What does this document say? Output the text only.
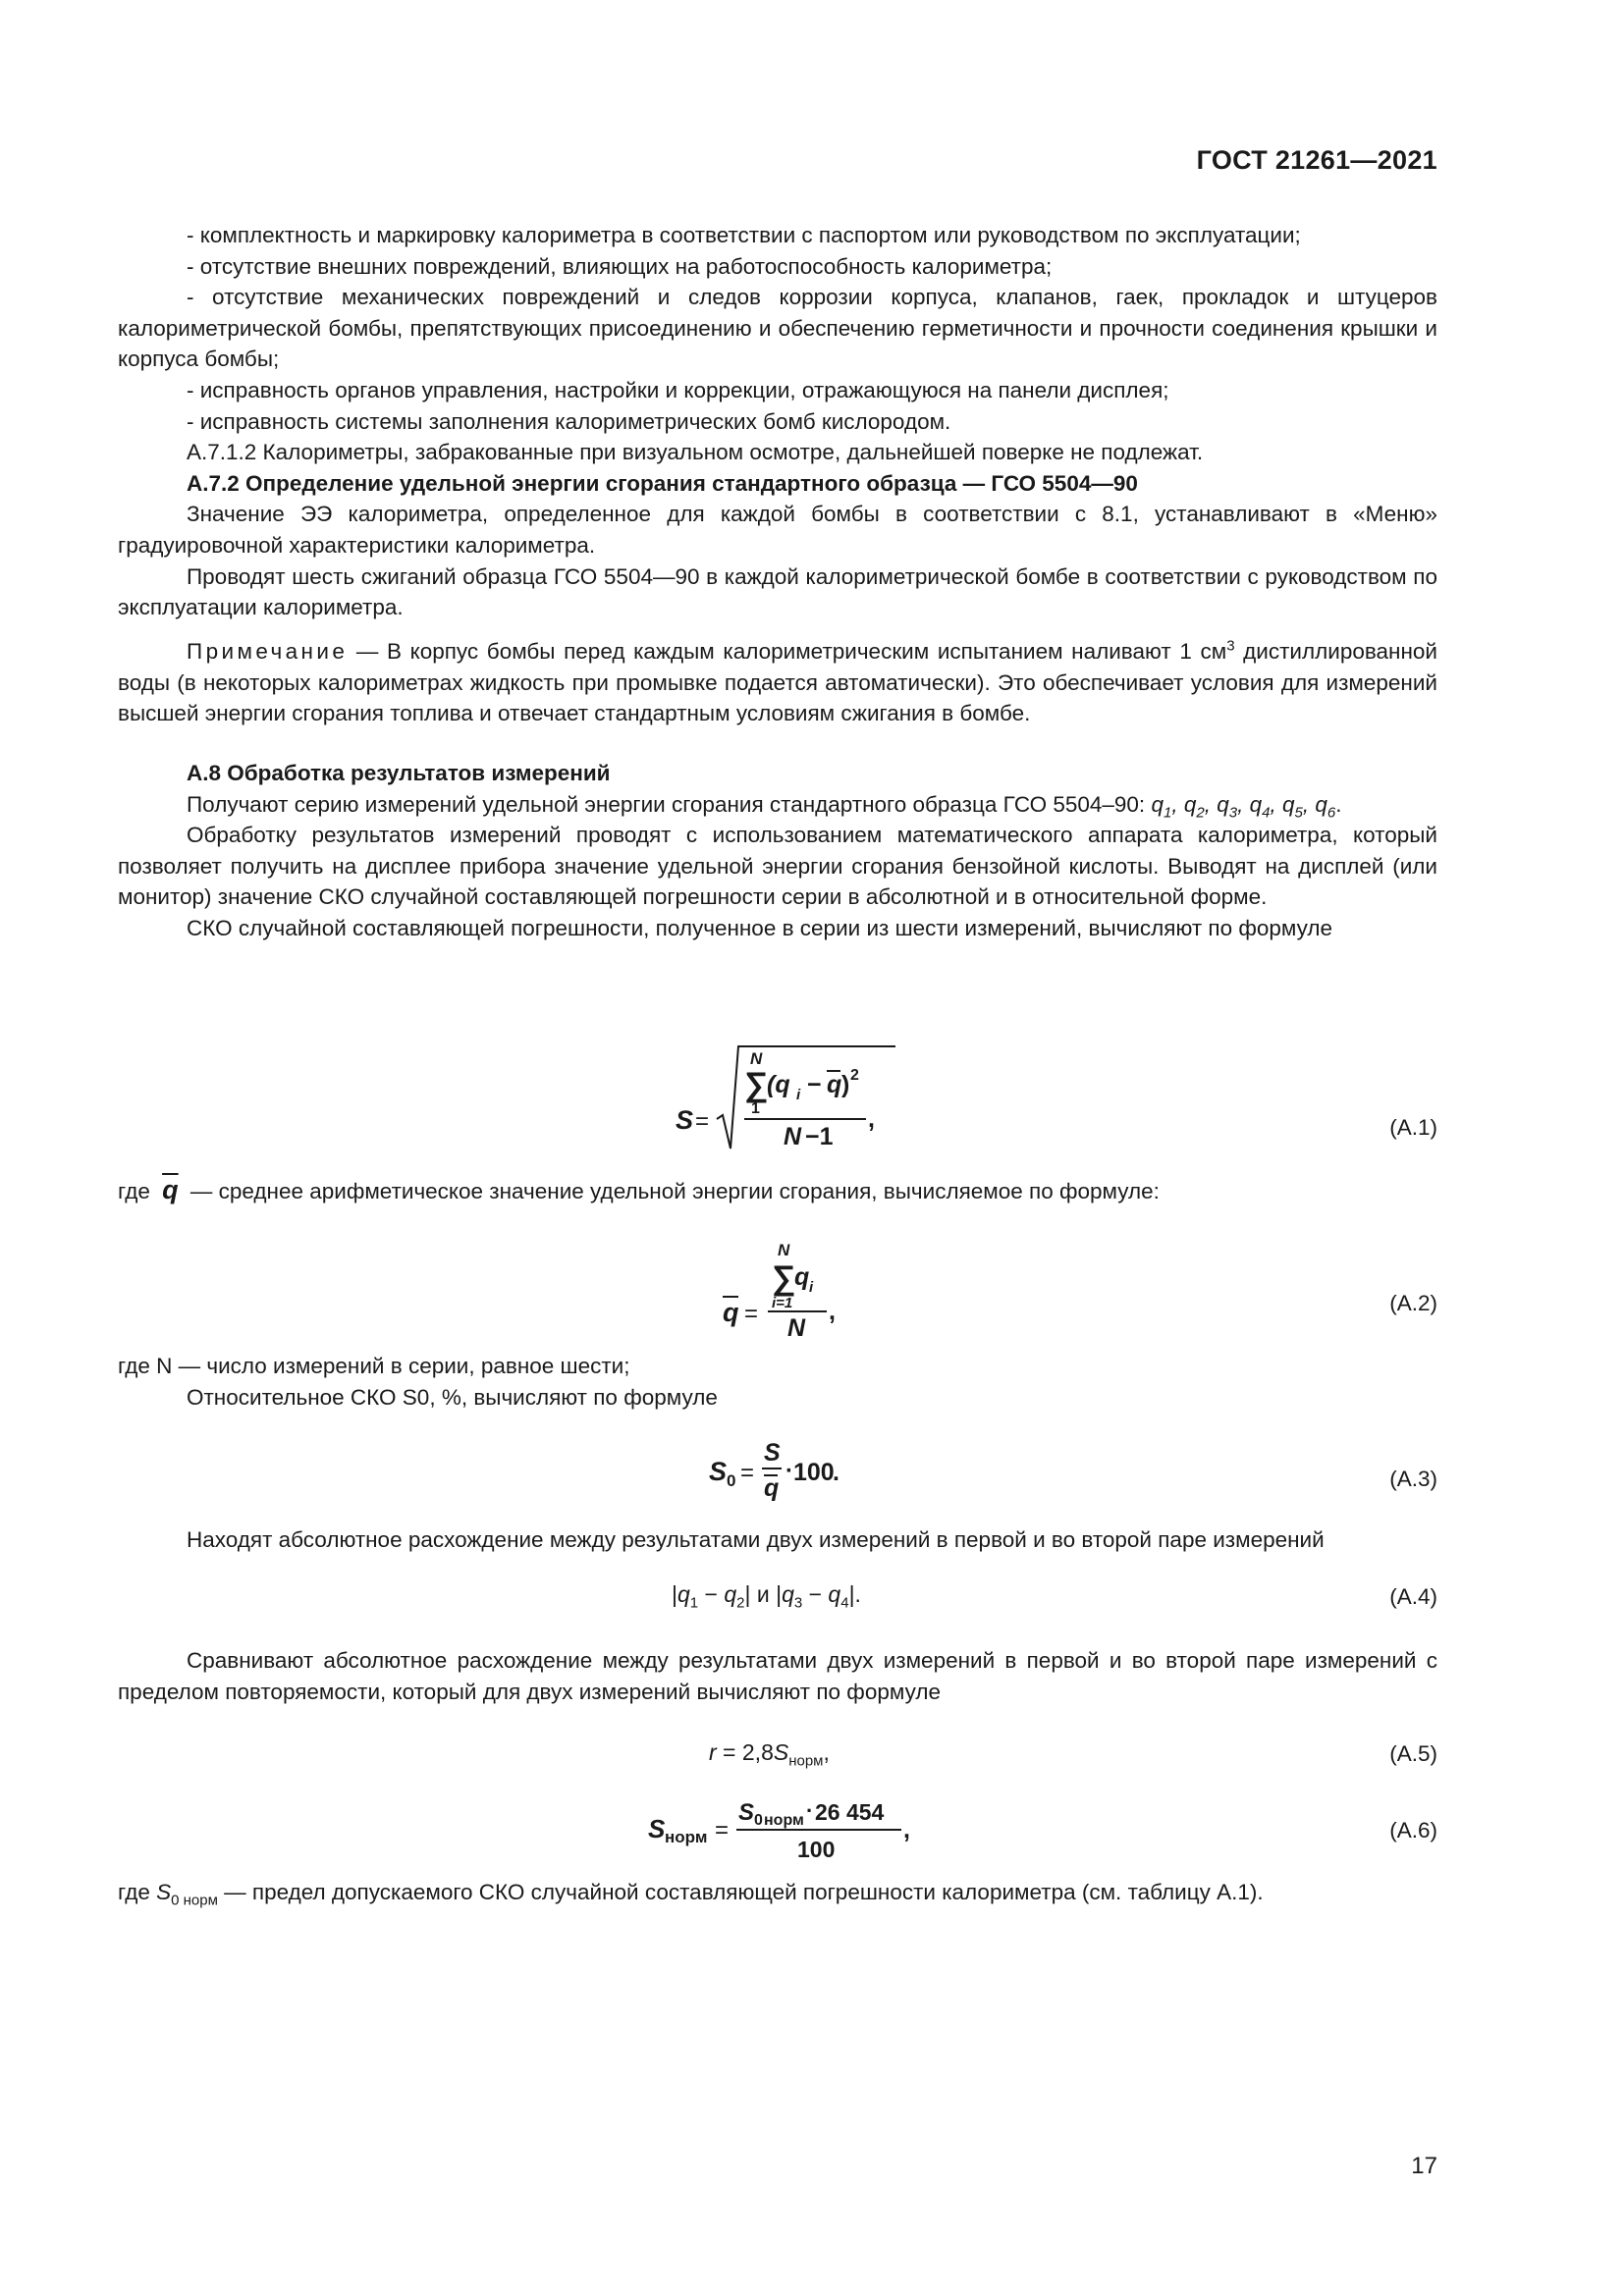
ГОСТ 21261—2021
- комплектность и маркировку калориметра в соответствии с паспортом или руководством по эксплуатации;
- отсутствие внешних повреждений, влияющих на работоспособность калориметра;
- отсутствие механических повреждений и следов коррозии корпуса, клапанов, гаек, прокладок и штуцеров калориметрической бомбы, препятствующих присоединению и обеспечению герметичности и прочности соединения крышки и корпуса бомбы;
- исправность органов управления, настройки и коррекции, отражающуюся на панели дисплея;
- исправность системы заполнения калориметрических бомб кислородом.
А.7.1.2 Калориметры, забракованные при визуальном осмотре, дальнейшей поверке не подлежат.
А.7.2 Определение удельной энергии сгорания стандартного образца — ГСО 5504—90
Значение ЭЭ калориметра, определенное для каждой бомбы в соответствии с 8.1, устанавливают в «Меню» градуировочной характеристики калориметра.
Проводят шесть сжиганий образца ГСО 5504—90 в каждой калориметрической бомбе в соответствии с руководством по эксплуатации калориметра.
Примечание — В корпус бомбы перед каждым калориметрическим испытанием наливают 1 $см^3$ дистиллированной воды (в некоторых калориметрах жидкость при промывке подается автоматически). Это обеспечивает условия для измерений высшей энергии сгорания топлива и отвечает стандартным условиям сжигания в бомбе.
А.8 Обработка результатов измерений
Получают серию измерений удельной энергии сгорания стандартного образца ГСО 5504–90: $q_1$, $q_2$, $q_3$, $q_4$, $q_5$, $q_6$.
Обработку результатов измерений проводят с использованием математического аппарата калориметра, который позволяет получить на дисплее прибора значение удельной энергии сгорания бензойной кислоты. Выводят на дисплей (или монитор) значение СКО случайной составляющей погрешности серии в абсолютной и в относительной форме.
СКО случайной составляющей погрешности, полученное в серии из шести измерений, вычисляют по формуле
S =
N
∑
1
(q i − q ) 2
N −1
,	(А.1)
где $\overline{q}$ — среднее арифметическое значение удельной энергии сгорания, вычисляемое по формуле:
N
∑
q i
i=1
q =
N
,	(А.2)
где N — число измерений в серии, равное шести;
Относительное СКО S0, %, вычисляют по формуле
S 0 =
S
q
· 100
.	(А.3)
Находят абсолютное расхождение между результатами двух измерений в первой и во второй паре измерений
$|q_1 - q_2|$ и $|q_3 - q_4|$.	(А.4)
Сравнивают абсолютное расхождение между результатами двух измерений в первой и во второй паре измерений с пределом повторяемости, который для двух измерений вычисляют по формуле
$r = 2,8S_{норм}$,	(А.5)
S норм =
S 0 норм · 26 454
100
,	(А.6)
где $S_{0 норм}$ — предел допускаемого СКО случайной составляющей погрешности калориметра (см. таблицу А.1).
17
